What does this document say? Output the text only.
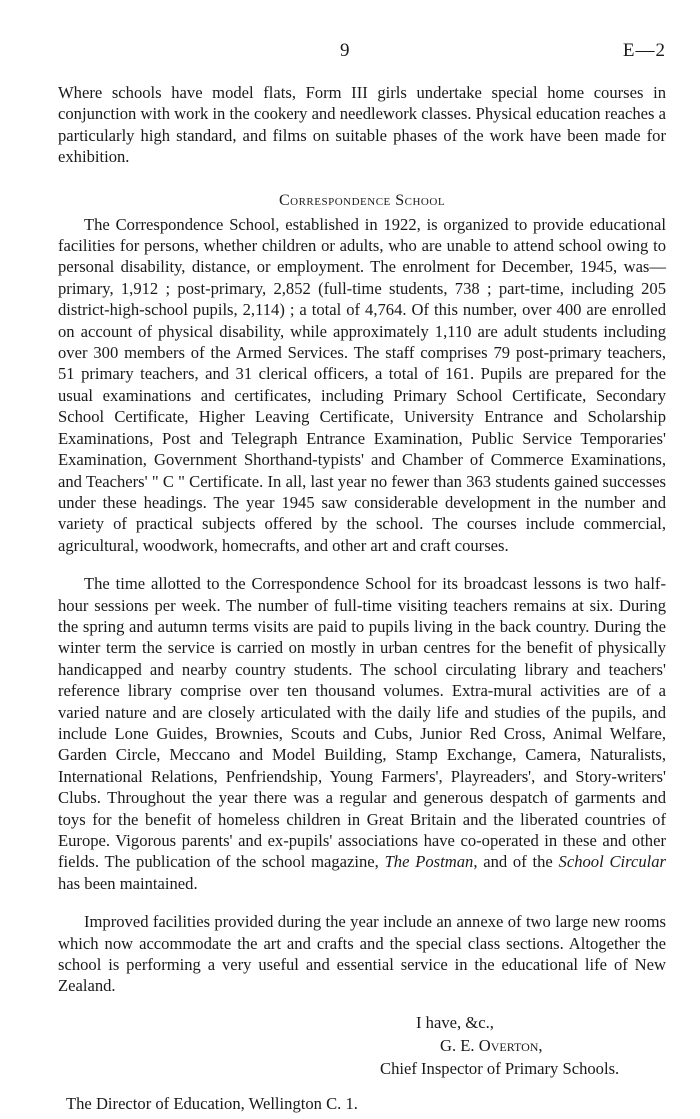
9	E—2

Where schools have model flats, Form III girls undertake special home courses in conjunction with work in the cookery and needlework classes. Physical education reaches a particularly high standard, and films on suitable phases of the work have been made for exhibition.

Correspondence School

The Correspondence School, established in 1922, is organized to provide educational facilities for persons, whether children or adults, who are unable to attend school owing to personal disability, distance, or employment. The enrolment for December, 1945, was—primary, 1,912 ; post-primary, 2,852 (full-time students, 738 ; part-time, including 205 district-high-school pupils, 2,114) ; a total of 4,764. Of this number, over 400 are enrolled on account of physical disability, while approximately 1,110 are adult students including over 300 members of the Armed Services. The staff comprises 79 post-primary teachers, 51 primary teachers, and 31 clerical officers, a total of 161. Pupils are prepared for the usual examinations and certificates, including Primary School Certificate, Secondary School Certificate, Higher Leaving Certificate, University Entrance and Scholarship Examinations, Post and Telegraph Entrance Examination, Public Service Temporaries' Examination, Government Shorthand-typists' and Chamber of Commerce Examinations, and Teachers' " C " Certificate. In all, last year no fewer than 363 students gained successes under these headings. The year 1945 saw considerable development in the number and variety of practical subjects offered by the school. The courses include commercial, agricultural, woodwork, homecrafts, and other art and craft courses.

The time allotted to the Correspondence School for its broadcast lessons is two half-hour sessions per week. The number of full-time visiting teachers remains at six. During the spring and autumn terms visits are paid to pupils living in the back country. During the winter term the service is carried on mostly in urban centres for the benefit of physically handicapped and nearby country students. The school circulating library and teachers' reference library comprise over ten thousand volumes. Extra-mural activities are of a varied nature and are closely articulated with the daily life and studies of the pupils, and include Lone Guides, Brownies, Scouts and Cubs, Junior Red Cross, Animal Welfare, Garden Circle, Meccano and Model Building, Stamp Exchange, Camera, Naturalists, International Relations, Penfriendship, Young Farmers', Playreaders', and Story-writers' Clubs. Throughout the year there was a regular and generous despatch of garments and toys for the benefit of homeless children in Great Britain and the liberated countries of Europe. Vigorous parents' and ex-pupils' associations have co-operated in these and other fields. The publication of the school magazine, The Postman, and of the School Circular has been maintained.

Improved facilities provided during the year include an annexe of two large new rooms which now accommodate the art and crafts and the special class sections. Altogether the school is performing a very useful and essential service in the educational life of New Zealand.

I have, &c.,
G. E. Overton,
Chief Inspector of Primary Schools.
The Director of Education, Wellington C. 1.
